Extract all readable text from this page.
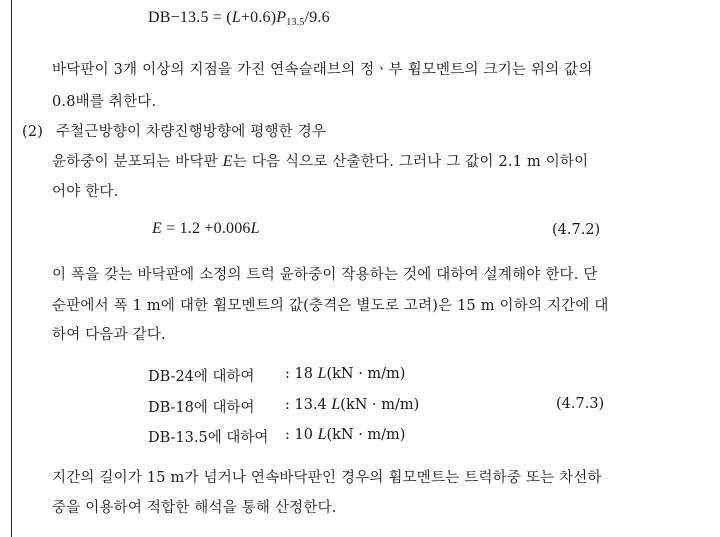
$DB-13.5 = (L+0.6)P_{13.5}/9.6$
바닥판이 3개 이상의 지점을 가진 연속슬래브의 정ㆍ부 휨모멘트의 크기는 위의 값의
0.8배를 취한다.
(2) 주철근방향이 차량진행방향에 평행한 경우
윤하중이 분포되는 바닥판 E는 다음 식으로 산출한다. 그러나 그 값이 2.1 m 이하이
어야 한다.
E = 1.2 +0.006L	(4.7.2)
이 폭을 갖는 바닥판에 소정의 트럭 윤하중이 작용하는 것에 대하여 설계해야 한다. 단
순판에서 폭 1 m에 대한 휨모멘트의 값(충격은 별도로 고려)은 15 m 이하의 지간에 대
하여 다음과 같다.
DB-24에 대하여 : 18 L(kN · m/m)
DB-18에 대하여 : 13.4 L(kN · m/m)	(4.7.3)
DB-13.5에 대하여 : 10 L(kN · m/m)
지간의 길이가 15 m가 넘거나 연속바닥판인 경우의 휨모멘트는 트럭하중 또는 차선하
중을 이용하여 적합한 해석을 통해 산정한다.
